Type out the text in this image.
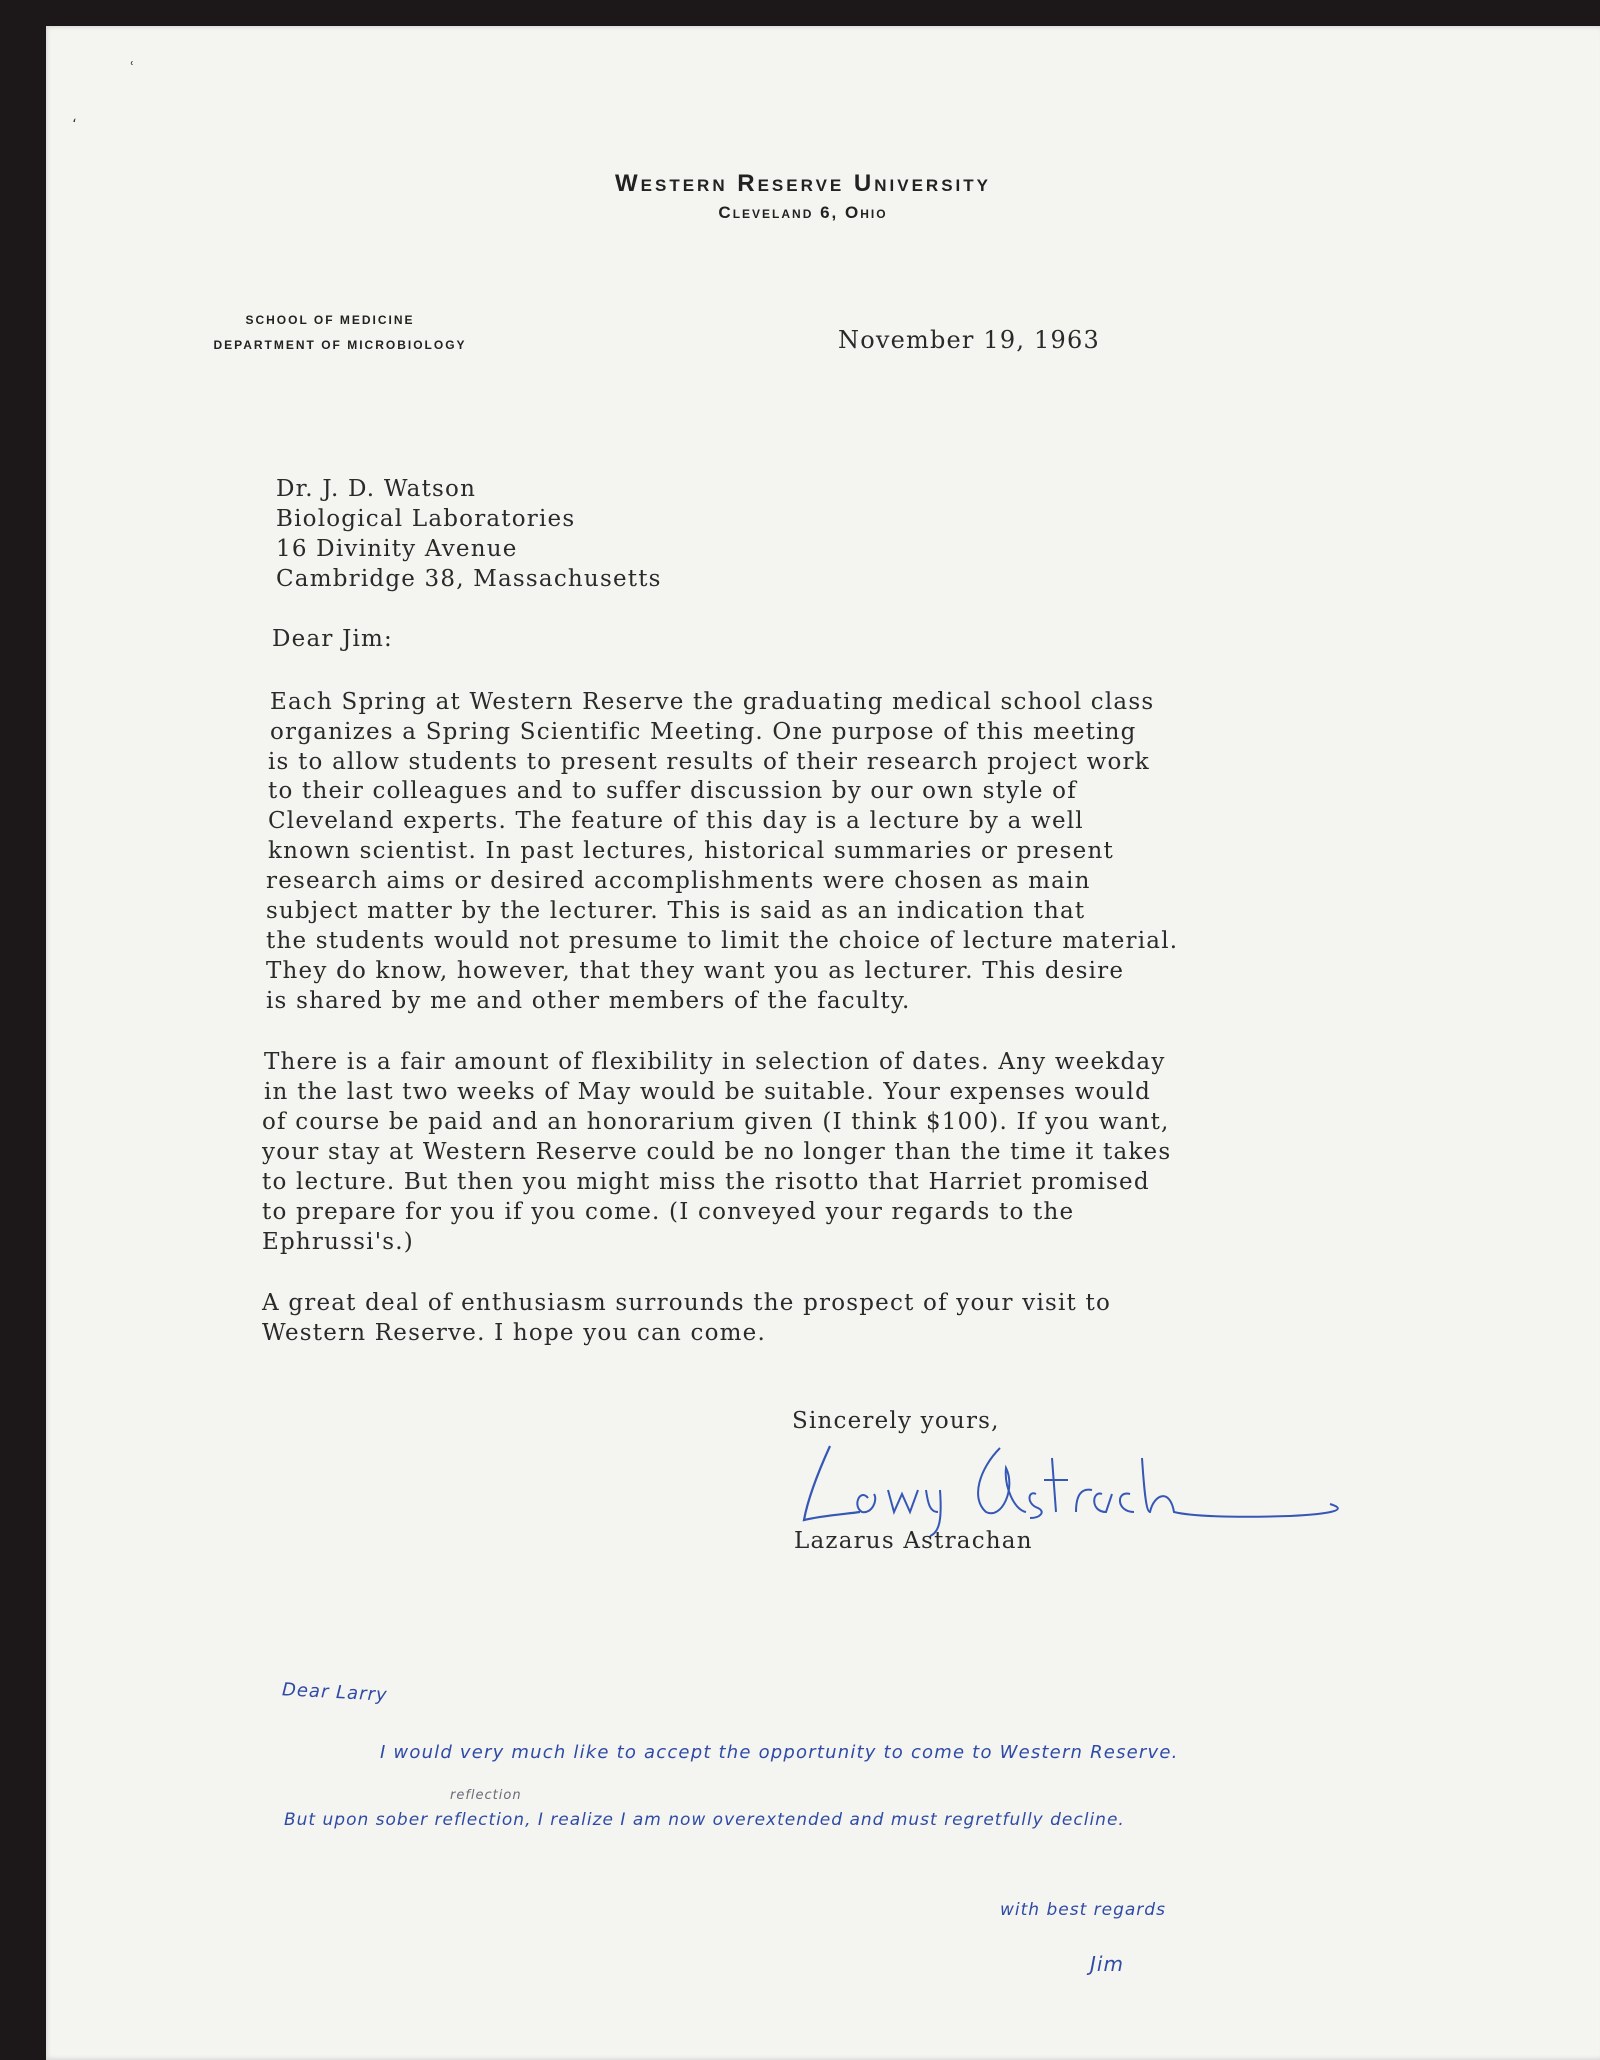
ʿ
،
Western Reserve University
Cleveland 6, Ohio
SCHOOL OF MEDICINE
DEPARTMENT OF MICROBIOLOGY	November 19, 1963
Dr. J. D. Watson
Biological Laboratories
16 Divinity Avenue
Cambridge 38, Massachusetts
Dear Jim:
Each Spring at Western Reserve the graduating medical school class
organizes a Spring Scientific Meeting. One purpose of this meeting
is to allow students to present results of their research project work
to their colleagues and to suffer discussion by our own style of
Cleveland experts. The feature of this day is a lecture by a well
known scientist. In past lectures, historical summaries or present
research aims or desired accomplishments were chosen as main
subject matter by the lecturer. This is said as an indication that
the students would not presume to limit the choice of lecture material.
They do know, however, that they want you as lecturer. This desire
is shared by me and other members of the faculty.
There is a fair amount of flexibility in selection of dates. Any weekday
in the last two weeks of May would be suitable. Your expenses would
of course be paid and an honorarium given (I think $100). If you want,
your stay at Western Reserve could be no longer than the time it takes
to lecture. But then you might miss the risotto that Harriet promised
to prepare for you if you come. (I conveyed your regards to the
Ephrussi's.)
A great deal of enthusiasm surrounds the prospect of your visit to
Western Reserve. I hope you can come.
Sincerely yours,
Lazarus Astrachan
Dear Larry
I would very much like to accept the opportunity to come to Western Reserve.
reflection
But upon sober reflection, I realize I am now overextended and must regretfully decline.
with best regards
Jim
